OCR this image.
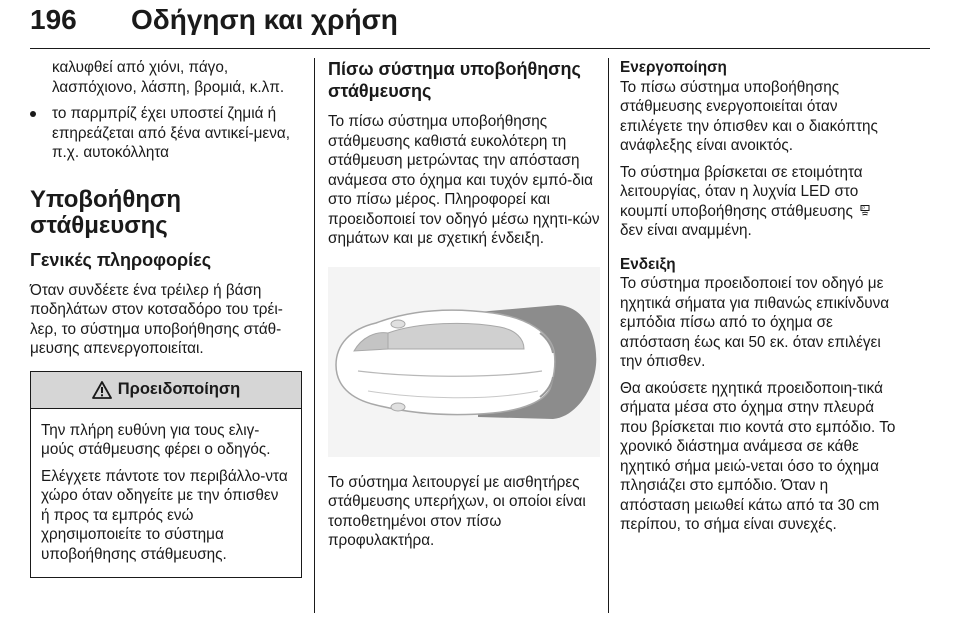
196 Οδήγηση και χρήση

καλυφθεί από χιόνι, πάγο, λασπόχιονο, λάσπη, βρομιά, κ.λπ.

το παρμπρίζ έχει υποστεί ζημιά ή επηρεάζεται από ξένα αντικεί-μενα, π.χ. αυτοκόλλητα
Υποβοήθηση στάθμευσης
Γενικές πληροφορίες

Όταν συνδέετε ένα τρέιλερ ή βάση ποδηλάτων στον κοτσαδόρο του τρέι-λερ, το σύστημα υποβοήθησης στάθ-μευσης απενεργοποιείται.

Προειδοποίηση

Την πλήρη ευθύνη για τους ελιγ-μούς στάθμευσης φέρει ο οδηγός.

Ελέγχετε πάντοτε τον περιβάλλο-ντα χώρο όταν οδηγείτε με την όπισθεν ή προς τα εμπρός ενώ χρησιμοποιείτε το σύστημα υποβοήθησης στάθμευσης.

Πίσω σύστημα υποβοήθησης στάθμευσης

Το πίσω σύστημα υποβοήθησης στάθμευσης καθιστά ευκολότερη τη στάθμευση μετρώντας την απόσταση ανάμεσα στο όχημα και τυχόν εμπό-δια στο πίσω μέρος. Πληροφορεί και προειδοποιεί τον οδηγό μέσω ηχητι-κών σημάτων και με σχετική ένδειξη.

Το σύστημα λειτουργεί με αισθητήρες στάθμευσης υπερήχων, οι οποίοι είναι τοποθετημένοι στον πίσω προφυλακτήρα.

Ενεργοποίηση

Το πίσω σύστημα υποβοήθησης στάθμευσης ενεργοποιείται όταν επιλέγετε την όπισθεν και ο διακόπτης ανάφλεξης είναι ανοικτός.

Το σύστημα βρίσκεται σε ετοιμότητα λειτουργίας, όταν η λυχνία LED στο κουμπί υποβοήθησης στάθμευσης P

δεν είναι αναμμένη.

Ενδειξη

Το σύστημα προειδοποιεί τον οδηγό με ηχητικά σήματα για πιθανώς επικίνδυνα εμπόδια πίσω από το όχημα σε απόσταση έως και 50 εκ. όταν επιλέγει την όπισθεν.

Θα ακούσετε ηχητικά προειδοποιη-τικά σήματα μέσα στο όχημα στην πλευρά που βρίσκεται πιο κοντά στο εμπόδιο. Το χρονικό διάστημα ανάμεσα σε κάθε ηχητικό σήμα μειώ-νεται όσο το όχημα πλησιάζει στο εμπόδιο. Όταν η απόσταση μειωθεί κάτω από τα 30 cm περίπου, το σήμα είναι συνεχές.
